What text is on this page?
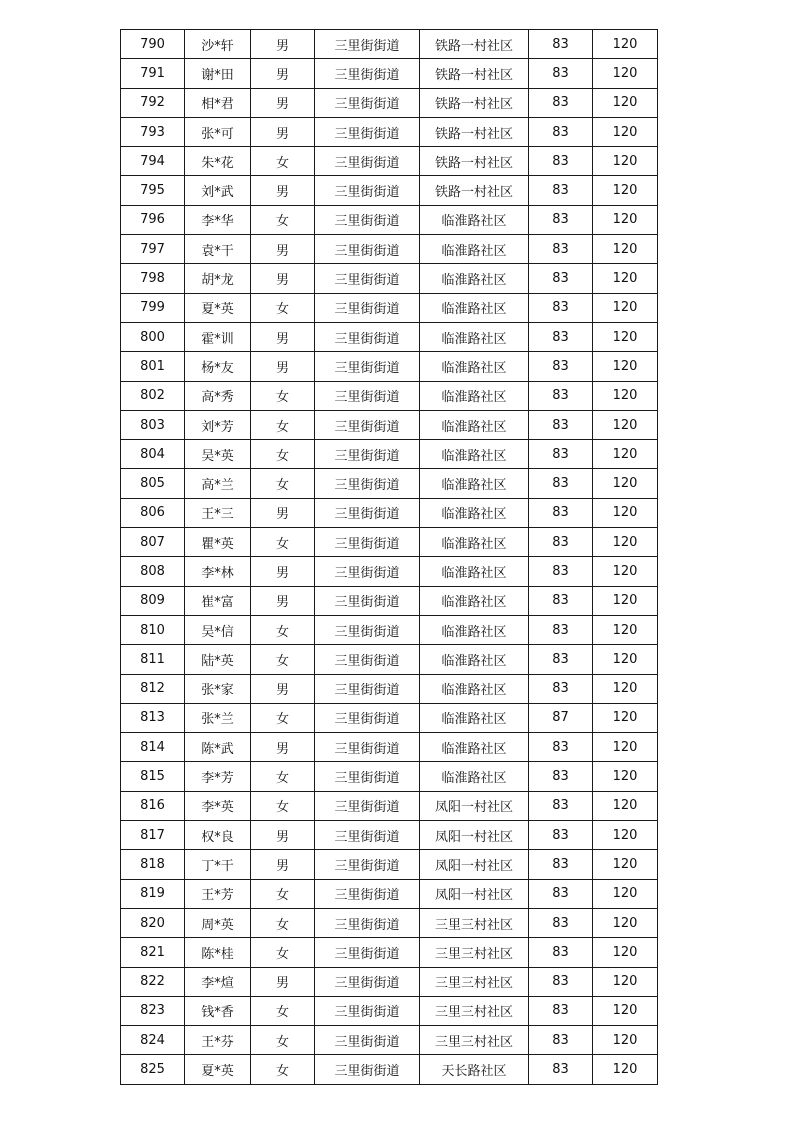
790	沙*轩	男	三里街街道	铁路一村社区	83	120
791	谢*田	男	三里街街道	铁路一村社区	83	120
792	相*君	男	三里街街道	铁路一村社区	83	120
793	张*可	男	三里街街道	铁路一村社区	83	120
794	朱*花	女	三里街街道	铁路一村社区	83	120
795	刘*武	男	三里街街道	铁路一村社区	83	120
796	李*华	女	三里街街道	临淮路社区	83	120
797	袁*干	男	三里街街道	临淮路社区	83	120
798	胡*龙	男	三里街街道	临淮路社区	83	120
799	夏*英	女	三里街街道	临淮路社区	83	120
800	霍*训	男	三里街街道	临淮路社区	83	120
801	杨*友	男	三里街街道	临淮路社区	83	120
802	高*秀	女	三里街街道	临淮路社区	83	120
803	刘*芳	女	三里街街道	临淮路社区	83	120
804	吴*英	女	三里街街道	临淮路社区	83	120
805	高*兰	女	三里街街道	临淮路社区	83	120
806	王*三	男	三里街街道	临淮路社区	83	120
807	瞿*英	女	三里街街道	临淮路社区	83	120
808	李*林	男	三里街街道	临淮路社区	83	120
809	崔*富	男	三里街街道	临淮路社区	83	120
810	吴*信	女	三里街街道	临淮路社区	83	120
811	陆*英	女	三里街街道	临淮路社区	83	120
812	张*家	男	三里街街道	临淮路社区	83	120
813	张*兰	女	三里街街道	临淮路社区	87	120
814	陈*武	男	三里街街道	临淮路社区	83	120
815	李*芳	女	三里街街道	临淮路社区	83	120
816	李*英	女	三里街街道	凤阳一村社区	83	120
817	权*良	男	三里街街道	凤阳一村社区	83	120
818	丁*干	男	三里街街道	凤阳一村社区	83	120
819	王*芳	女	三里街街道	凤阳一村社区	83	120
820	周*英	女	三里街街道	三里三村社区	83	120
821	陈*桂	女	三里街街道	三里三村社区	83	120
822	李*煊	男	三里街街道	三里三村社区	83	120
823	钱*香	女	三里街街道	三里三村社区	83	120
824	王*芬	女	三里街街道	三里三村社区	83	120
825	夏*英	女	三里街街道	天长路社区	83	120
